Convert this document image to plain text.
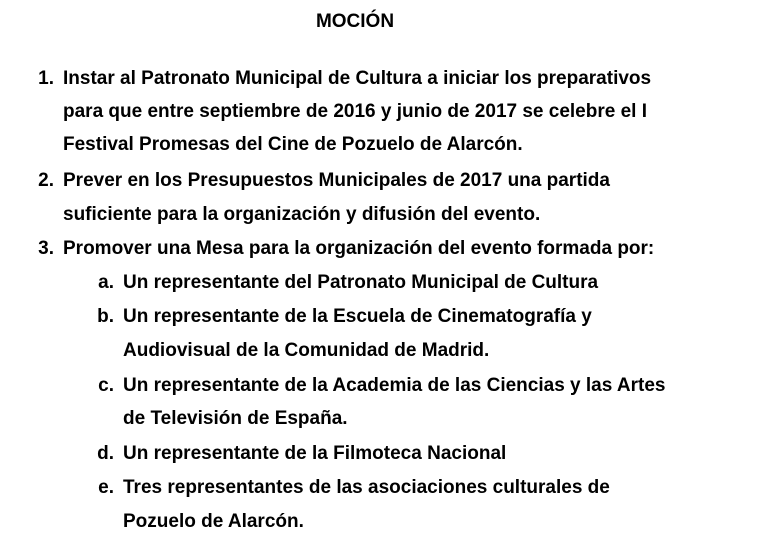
MOCIÓN
1. Instar al Patronato Municipal de Cultura a iniciar los preparativos
para que entre septiembre de 2016 y junio de 2017 se celebre el I
Festival Promesas del Cine de Pozuelo de Alarcón.
2. Prever en los Presupuestos Municipales de 2017 una partida
suficiente para la organización y difusión del evento.
3. Promover una Mesa para la organización del evento formada por:
a. Un representante del Patronato Municipal de Cultura
b. Un representante de la Escuela de Cinematografía y
Audiovisual de la Comunidad de Madrid.
c. Un representante de la Academia de las Ciencias y las Artes
de Televisión de España.
d. Un representante de la Filmoteca Nacional
e. Tres representantes de las asociaciones culturales de
Pozuelo de Alarcón.
